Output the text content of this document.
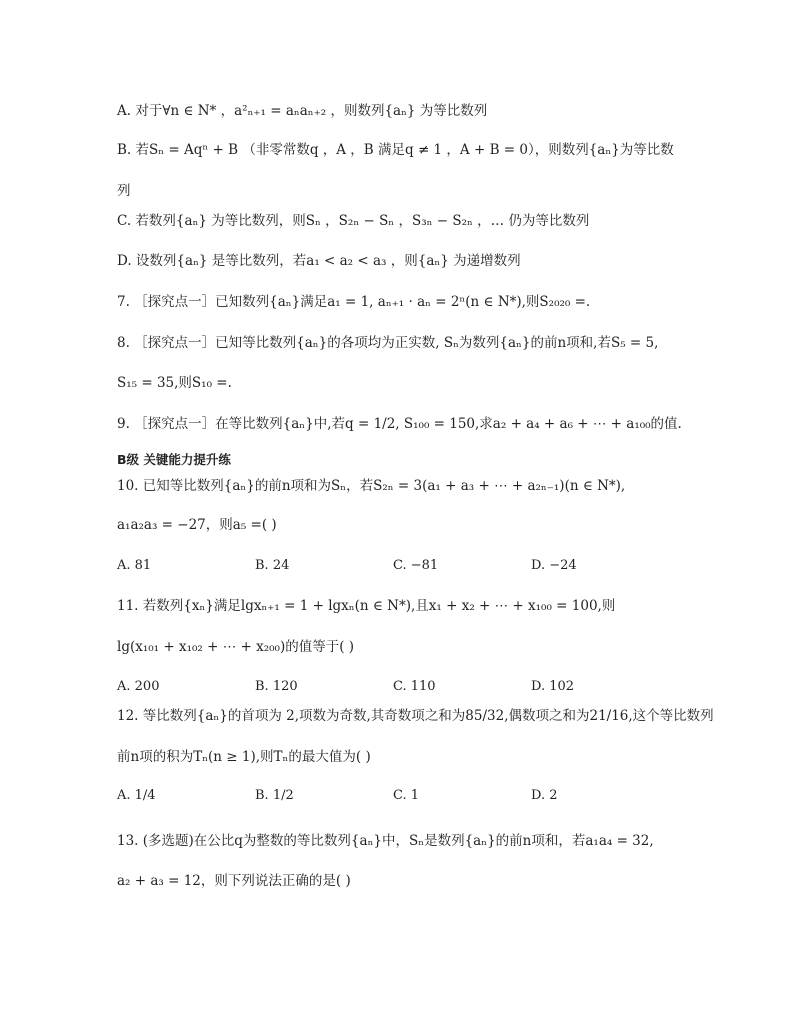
A. 对于∀n ∈ N* ，a²ₙ₊₁ = aₙaₙ₊₂ ，则数列{aₙ} 为等比数列
B. 若Sₙ = Aqⁿ + B （非零常数q ，A ，B 满足q ≠ 1 ，A + B = 0），则数列{aₙ}为等比数
列
C. 若数列{aₙ} 为等比数列，则Sₙ ，S₂ₙ − Sₙ ，S₃ₙ − S₂ₙ ，… 仍为等比数列
D. 设数列{aₙ} 是等比数列，若a₁ < a₂ < a₃ ，则{aₙ} 为递增数列
7. ［探究点一］已知数列{aₙ}满足a₁ = 1, aₙ₊₁ · aₙ = 2ⁿ(n ∈ N*),则S₂₀₂₀ =.
8. ［探究点一］已知等比数列{aₙ}的各项均为正实数, Sₙ为数列{aₙ}的前n项和,若S₅ = 5,
S₁₅ = 35,则S₁₀ =.
9. ［探究点一］在等比数列{aₙ}中,若q = 1/2, S₁₀₀ = 150,求a₂ + a₄ + a₆ + ⋯ + a₁₀₀的值.
B级 关键能力提升练
10. 已知等比数列{aₙ}的前n项和为Sₙ，若S₂ₙ = 3(a₁ + a₃ + ⋯ + a₂ₙ₋₁)(n ∈ N*),
a₁a₂a₃ = −27，则a₅ =( )
A. 81	B. 24	C. −81	D. −24
11. 若数列{xₙ}满足lgxₙ₊₁ = 1 + lgxₙ(n ∈ N*),且x₁ + x₂ + ⋯ + x₁₀₀ = 100,则
lg(x₁₀₁ + x₁₀₂ + ⋯ + x₂₀₀)的值等于( )
A. 200	B. 120	C. 110	D. 102
12. 等比数列{aₙ}的首项为 2,项数为奇数,其奇数项之和为85/32,偶数项之和为21/16,这个等比数列
前n项的积为Tₙ(n ≥ 1),则Tₙ的最大值为( )
A. 1/4	B. 1/2	C. 1	D. 2
13. (多选题)在公比q为整数的等比数列{aₙ}中，Sₙ是数列{aₙ}的前n项和，若a₁a₄ = 32,
a₂ + a₃ = 12，则下列说法正确的是( )
